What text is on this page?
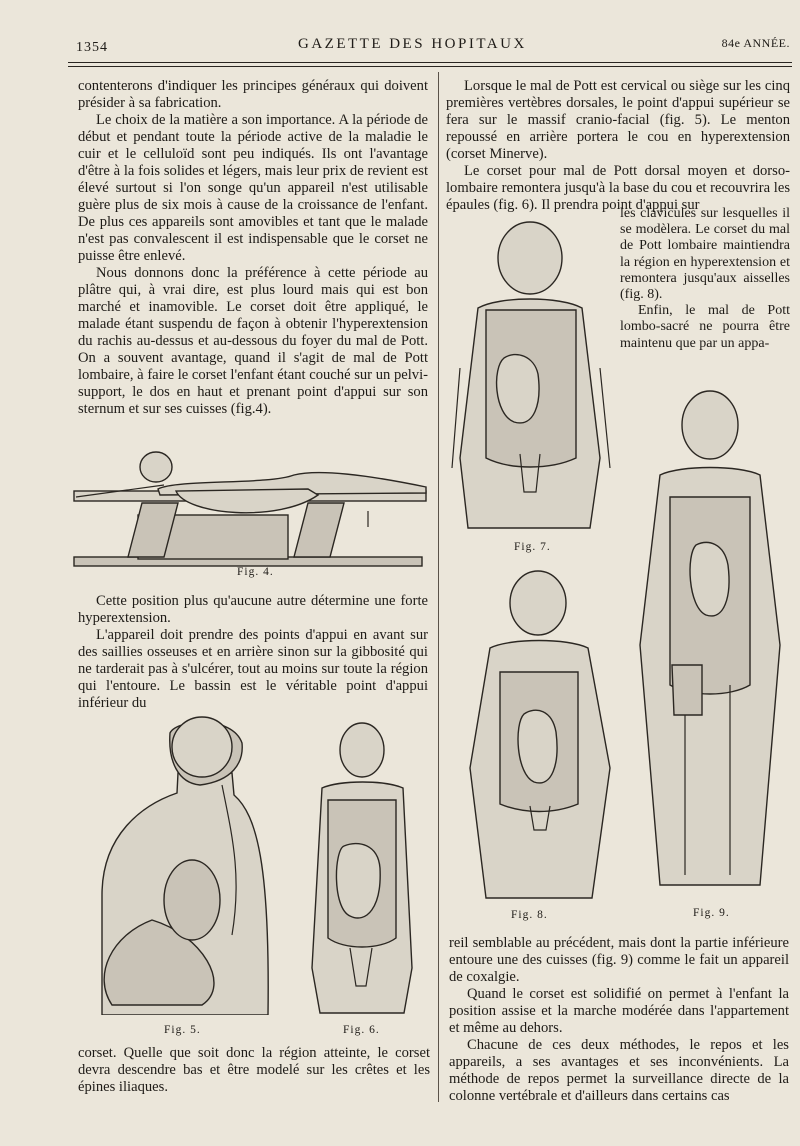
1354	GAZETTE DES HOPITAUX	84e ANNÉE.

contenterons d'indiquer les principes généraux qui doivent présider à sa fabrication.

Le choix de la matière a son importance. A la période de début et pendant toute la période active de la maladie le cuir et le celluloïd sont peu indiqués. Ils ont l'avantage d'être à la fois solides et légers, mais leur prix de revient est élevé surtout si l'on songe qu'un appareil n'est utilisable guère plus de six mois à cause de la croissance de l'enfant. De plus ces appareils sont amovibles et tant que le malade n'est pas convalescent il est indispensable que le corset ne puisse être enlevé.

Nous donnons donc la préférence à cette période au plâtre qui, à vrai dire, est plus lourd mais qui est bon marché et inamovible. Le corset doit être appliqué, le malade étant suspendu de façon à obtenir l'hyperextension du rachis au-dessus et au-dessous du foyer du mal de Pott. On a souvent avantage, quand il s'agit de mal de Pott lombaire, à faire le corset l'enfant étant couché sur un pelvi-support, le dos en haut et prenant point d'appui sur son sternum et sur ses cuisses (fig.4).

Fig. 4.

Cette position plus qu'aucune autre détermine une forte hyperextension.

L'appareil doit prendre des points d'appui en avant sur des saillies osseuses et en arrière sinon sur la gibbosité qui ne tarderait pas à s'ulcérer, tout au moins sur toute la région qui l'entoure. Le bassin est le véritable point d'appui inférieur du

Fig. 5.	Fig. 6.

corset. Quelle que soit donc la région atteinte, le corset devra descendre bas et être modelé sur les crêtes et les épines iliaques.

Lorsque le mal de Pott est cervical ou siège sur les cinq premières vertèbres dorsales, le point d'appui supérieur se fera sur le massif cranio-facial (fig. 5). Le menton repoussé en arrière portera le cou en hyperextension (corset Minerve).

Le corset pour mal de Pott dorsal moyen et dorso-lombaire remontera jusqu'à la base du cou et recouvrira les épaules (fig. 6). Il prendra point d'appui sur

les clavicules sur lesquelles il se modèlera. Le corset du mal de Pott lombaire maintiendra la région en hyperextension et remontera jusqu'aux aisselles (fig. 8).

Enfin, le mal de Pott lombo-sacré ne pourra être maintenu que par un appa-

Fig. 7.
Fig. 8.	Fig. 9.

reil semblable au précédent, mais dont la partie inférieure entoure une des cuisses (fig. 9) comme le fait un appareil de coxalgie.

Quand le corset est solidifié on permet à l'enfant la position assise et la marche modérée dans l'appartement et même au dehors.

Chacune de ces deux méthodes, le repos et les appareils, a ses avantages et ses inconvénients. La méthode de repos permet la surveillance directe de la colonne vertébrale et d'ailleurs dans certains cas
